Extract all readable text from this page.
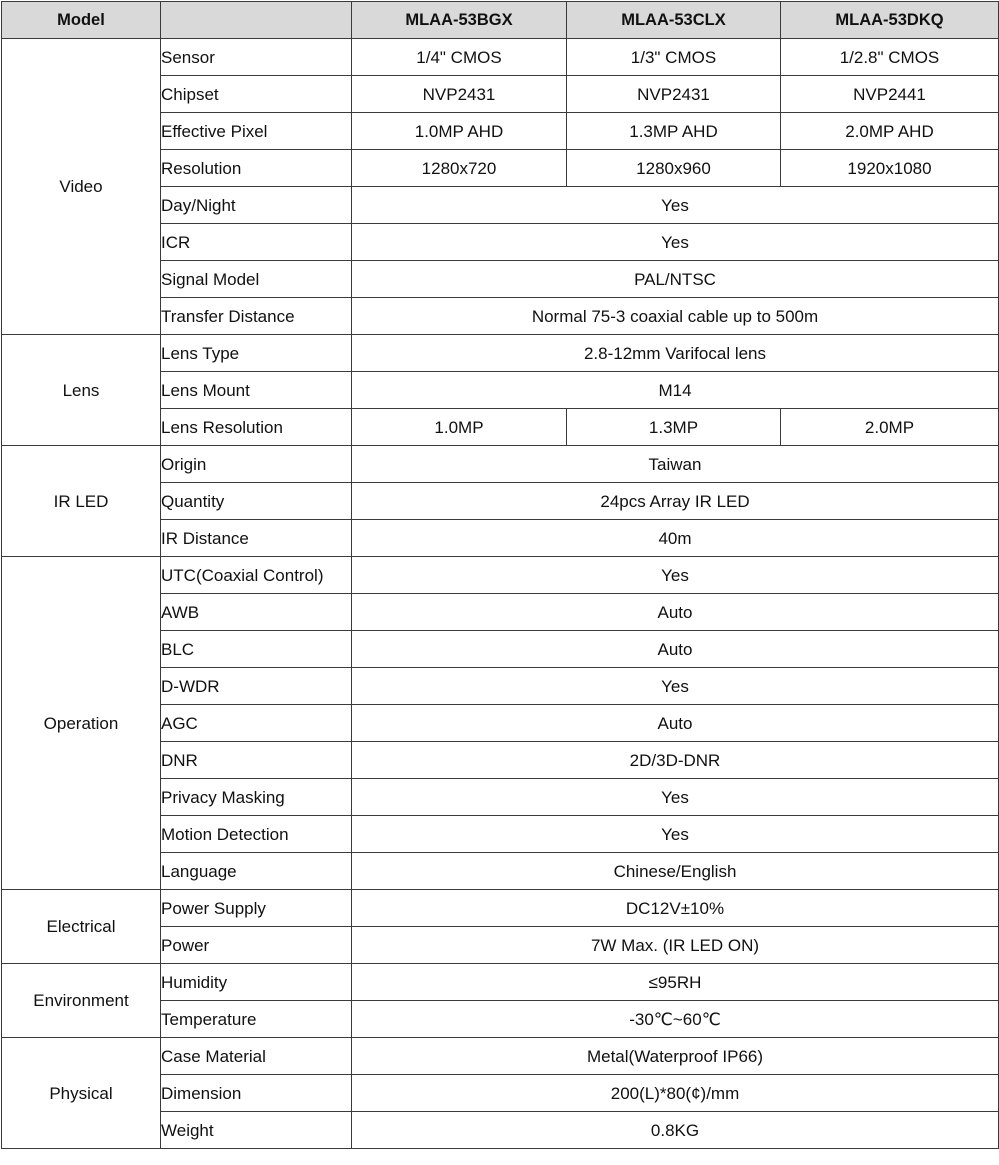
Model		MLAA-53BGX	MLAA-53CLX	MLAA-53DKQ
Video	Sensor	1/4" CMOS	1/3" CMOS	1/2.8" CMOS
	Chipset	NVP2431	NVP2431	NVP2441
	Effective Pixel	1.0MP AHD	1.3MP AHD	2.0MP AHD
	Resolution	1280x720	1280x960	1920x1080
	Day/Night	Yes		
	ICR	Yes		
	Signal Model	PAL/NTSC		
	Transfer Distance	Normal 75-3 coaxial cable up to 500m		
Lens	Lens Type	2.8-12mm Varifocal lens		
	Lens Mount	M14		
	Lens Resolution	1.0MP	1.3MP	2.0MP
IR LED	Origin	Taiwan		
	Quantity	24pcs Array IR LED		
	IR Distance	40m		
Operation	UTC(Coaxial Control)	Yes		
	AWB	Auto		
	BLC	Auto		
	D-WDR	Yes		
	AGC	Auto		
	DNR	2D/3D-DNR		
	Privacy Masking	Yes		
	Motion Detection	Yes		
	Language	Chinese/English		
Electrical	Power Supply	DC12V±10%		
	Power	7W Max. (IR LED ON)		
Environment	Humidity	≤95RH		
	Temperature	-30℃~60℃		
Physical	Case Material	Metal(Waterproof IP66)		
	Dimension	200(L)*80(¢)/mm		
	Weight	0.8KG		
